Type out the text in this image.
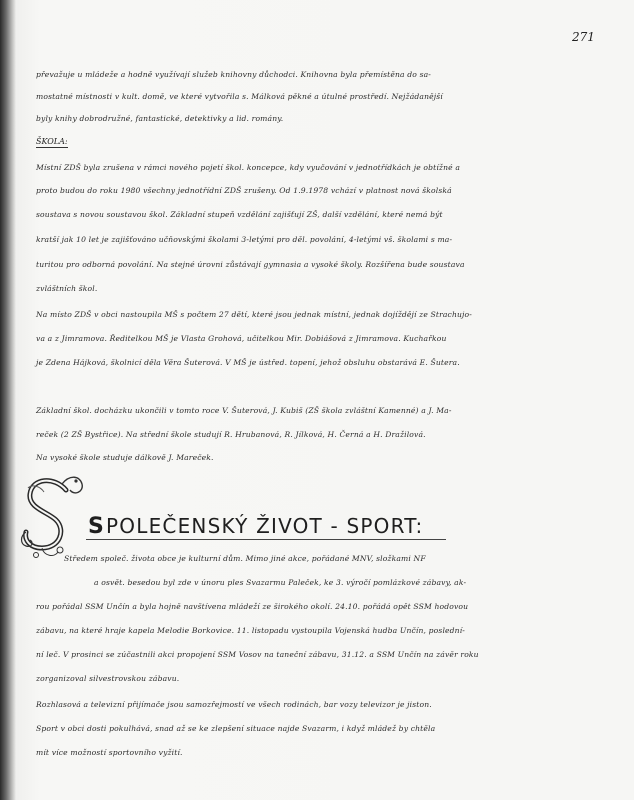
271
převažuje u mládeže a hodně využívají služeb knihovny důchodci. Knihovna byla přemístěna do sa-
mostatné místnosti v kult. domě, ve které vytvořila s. Málková pěkné a útulné prostředí. Nejžádanější
byly knihy dobrodružné, fantastické, detektivky a lid. romány.
ŠKOLA:
Místní ZDŠ byla zrušena v rámci nového pojetí škol. koncepce, kdy vyučování v jednotřídkách je obtížné a
proto budou do roku 1980 všechny jednotřídní ZDŠ zrušeny. Od 1.9.1978 vchází v platnost nová školská
soustava s novou soustavou škol. Základní stupeň vzdělání zajišťují ZŠ, další vzdělání, které nemá být
kratší jak 10 let je zajišťováno učňovskými školami 3-letými pro děl. povolání, 4-letými vš. školami s ma-
turitou pro odborná povolání. Na stejné úrovni zůstávají gymnasia a vysoké školy. Rozšířena bude soustava
zvláštních škol.
Na místo ZDŠ v obci nastoupila MŠ s počtem 27 dětí, které jsou jednak místní, jednak dojíždějí ze Strachujo-
va a z Jimramova. Ředitelkou MŠ je Vlasta Grohová, učitelkou Mir. Dobiášová z Jimramova. Kuchařkou
je Zdena Hájková, školnicí děla Věra Šuterová. V MŠ je ústřed. topení, jehož obsluhu obstarává E. Šutera.
Základní škol. docházku ukončili v tomto roce V. Šuterová, J. Kubiš (ZŠ škola zvláštní Kamenné) a J. Ma-
reček (2 ZŠ Bystřice). Na střední škole studují R. Hrubanová, R. Jílková, H. Černá a H. Dražilová.
Na vysoké škole studuje dálkově J. Mareček.
SPOLEČENSKÝ ŽIVOT - SPORT:
Středem společ. života obce je kulturní dům. Mimo jiné akce, pořádané MNV, složkami NF
a osvět. besedou byl zde v únoru ples Svazarmu Paleček, ke 3. výročí pomlázkové zábavy, ak-
rou pořádal SSM Unčín a byla hojně navštívena mládeží ze širokého okolí. 24.10. pořádá opět SSM hodovou
zábavu, na které hraje kapela Melodie Borkovice. 11. listopadu vystoupila Vojenská hudba Unčín, poslední-
ní leč. V prosinci se zúčastnili akci propojení SSM Vosov na taneční zábavu, 31.12. a SSM Unčín na závěr roku
zorganizoval silvestrovskou zábavu.
Rozhlasová a televizní přijímače jsou samozřejmostí ve všech rodinách, bar vozy televizor je jiston.
Sport v obci dosti pokulhává, snad až se ke zlepšení situace najde Svazarm, i když mládež by chtěla
mít více možností sportovního vyžití.
